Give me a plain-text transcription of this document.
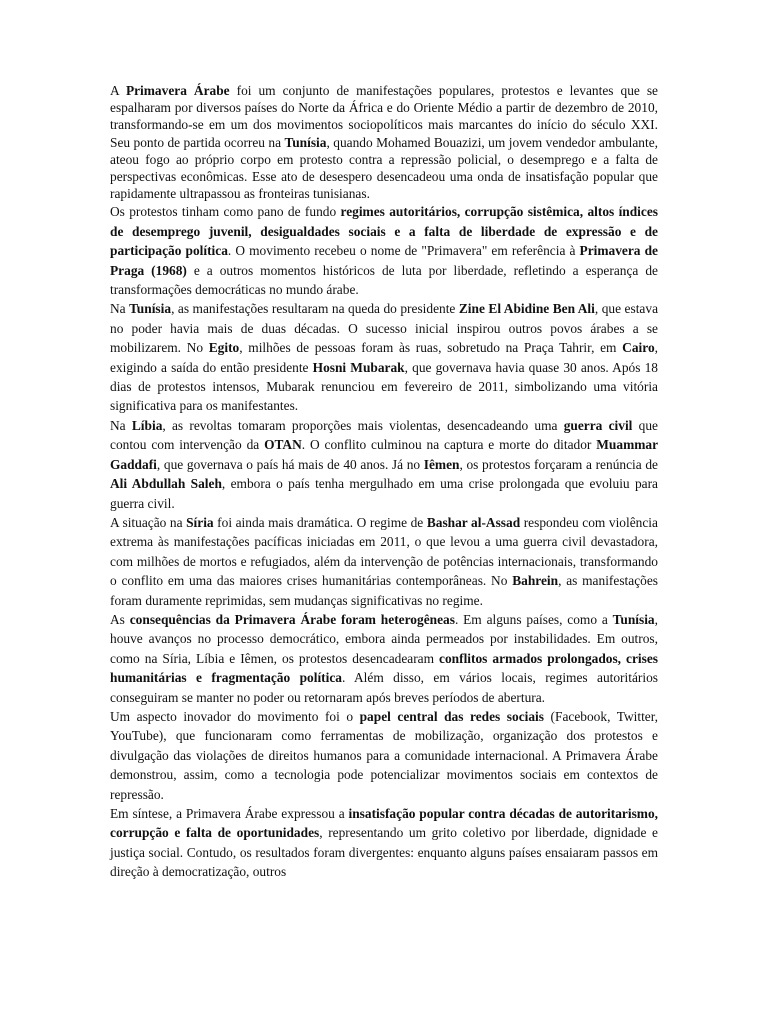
A Primavera Árabe foi um conjunto de manifestações populares, protestos e levantes que se espalharam por diversos países do Norte da África e do Oriente Médio a partir de dezembro de 2010, transformando-se em um dos movimentos sociopolíticos mais marcantes do início do século XXI. Seu ponto de partida ocorreu na Tunísia, quando Mohamed Bouazizi, um jovem vendedor ambulante, ateou fogo ao próprio corpo em protesto contra a repressão policial, o desemprego e a falta de perspectivas econômicas. Esse ato de desespero desencadeou uma onda de insatisfação popular que rapidamente ultrapassou as fronteiras tunisianas.

Os protestos tinham como pano de fundo regimes autoritários, corrupção sistêmica, altos índices de desemprego juvenil, desigualdades sociais e a falta de liberdade de expressão e de participação política. O movimento recebeu o nome de "Primavera" em referência à Primavera de Praga (1968) e a outros momentos históricos de luta por liberdade, refletindo a esperança de transformações democráticas no mundo árabe.

Na Tunísia, as manifestações resultaram na queda do presidente Zine El Abidine Ben Ali, que estava no poder havia mais de duas décadas. O sucesso inicial inspirou outros povos árabes a se mobilizarem. No Egito, milhões de pessoas foram às ruas, sobretudo na Praça Tahrir, em Cairo, exigindo a saída do então presidente Hosni Mubarak, que governava havia quase 30 anos. Após 18 dias de protestos intensos, Mubarak renunciou em fevereiro de 2011, simbolizando uma vitória significativa para os manifestantes.

Na Líbia, as revoltas tomaram proporções mais violentas, desencadeando uma guerra civil que contou com intervenção da OTAN. O conflito culminou na captura e morte do ditador Muammar Gaddafi, que governava o país há mais de 40 anos. Já no Iêmen, os protestos forçaram a renúncia de Ali Abdullah Saleh, embora o país tenha mergulhado em uma crise prolongada que evoluiu para guerra civil.

A situação na Síria foi ainda mais dramática. O regime de Bashar al-Assad respondeu com violência extrema às manifestações pacíficas iniciadas em 2011, o que levou a uma guerra civil devastadora, com milhões de mortos e refugiados, além da intervenção de potências internacionais, transformando o conflito em uma das maiores crises humanitárias contemporâneas. No Bahrein, as manifestações foram duramente reprimidas, sem mudanças significativas no regime.

As consequências da Primavera Árabe foram heterogêneas. Em alguns países, como a Tunísia, houve avanços no processo democrático, embora ainda permeados por instabilidades. Em outros, como na Síria, Líbia e Iêmen, os protestos desencadearam conflitos armados prolongados, crises humanitárias e fragmentação política. Além disso, em vários locais, regimes autoritários conseguiram se manter no poder ou retornaram após breves períodos de abertura.

Um aspecto inovador do movimento foi o papel central das redes sociais (Facebook, Twitter, YouTube), que funcionaram como ferramentas de mobilização, organização dos protestos e divulgação das violações de direitos humanos para a comunidade internacional. A Primavera Árabe demonstrou, assim, como a tecnologia pode potencializar movimentos sociais em contextos de repressão.

Em síntese, a Primavera Árabe expressou a insatisfação popular contra décadas de autoritarismo, corrupção e falta de oportunidades, representando um grito coletivo por liberdade, dignidade e justiça social. Contudo, os resultados foram divergentes: enquanto alguns países ensaiaram passos em direção à democratização, outros
